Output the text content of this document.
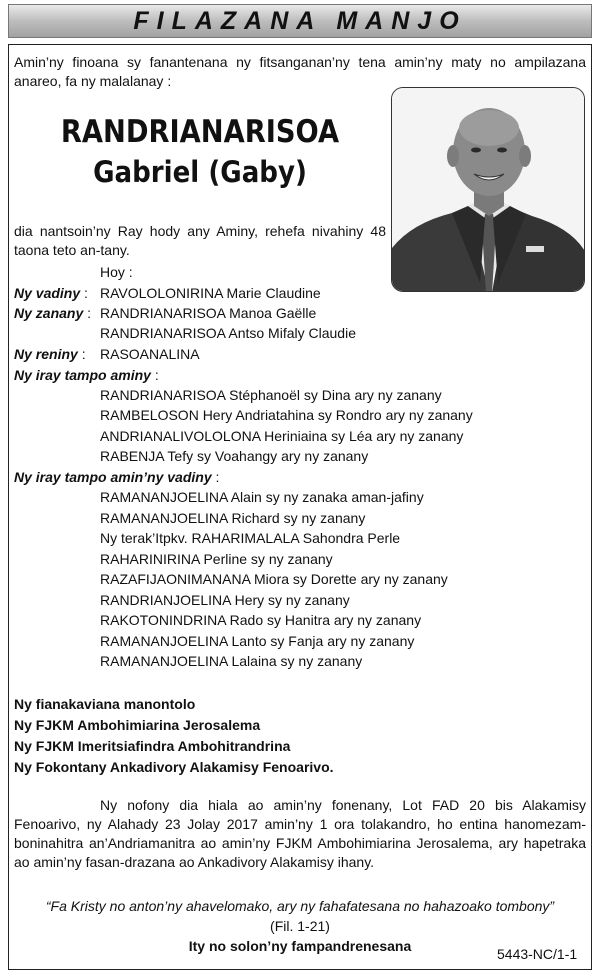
FILAZANA MANJO

Amin’ny finoana sy fanantenana ny fitsanganan’ny tena amin’ny maty no ampilazana anareo, fa ny malalanay :

RANDRIANARISOA
Gabriel (Gaby)

dia nantsoin’ny Ray hody any Aminy, rehefa nivahiny 48 taona teto an-tany.

Hoy :
Ny vadiny : RAVOLOLONIRINA Marie Claudine
Ny zanany : RANDRIANARISOA Manoa Gaëlle
RANDRIANARISOA Antso Mifaly Claudie
Ny reniny : RASOANALINA
Ny iray tampo aminy :
RANDRIANARISOA Stéphanoël sy Dina ary ny zanany
RAMBELOSON Hery Andriatahina sy Rondro ary ny zanany
ANDRIANALIVOLOLONA Heriniaina sy Léa ary ny zanany
RABENJA Tefy sy Voahangy ary ny zanany
Ny iray tampo amin’ny vadiny :
RAMANANJOELINA Alain sy ny zanaka aman-jafiny
RAMANANJOELINA Richard sy ny zanany
Ny terak’Itpkv. RAHARIMALALA Sahondra Perle
RAHARINIRINA Perline sy ny zanany
RAZAFIJAONIMANANA Miora sy Dorette ary ny zanany
RANDRIANJOELINA Hery sy ny zanany
RAKOTONINDRINA Rado sy Hanitra ary ny zanany
RAMANANJOELINA Lanto sy Fanja ary ny zanany
RAMANANJOELINA Lalaina sy ny zanany
Ny fianakaviana manontolo
Ny FJKM Ambohimiarina Jerosalema
Ny FJKM Imeritsiafindra Ambohitrandrina
Ny Fokontany Ankadivory Alakamisy Fenoarivo.

Ny nofony dia hiala ao amin’ny fonenany, Lot FAD 20 bis Alakamisy Fenoarivo, ny Alahady 23 Jolay 2017 amin’ny 1 ora tolakandro, ho entina hanomezam-boninahitra an’Andriamanitra ao amin’ny FJKM Ambohimiarina Jerosalema, ary hapetraka ao amin’ny fasan-drazana ao Ankadivory Alakamisy ihany.

“Fa Kristy no anton’ny ahavelomako, ary ny fahafatesana no hahazoako tombony”
(Fil. 1-21)
Ity no solon’ny fampandrenesana	5443-NC/1-1
